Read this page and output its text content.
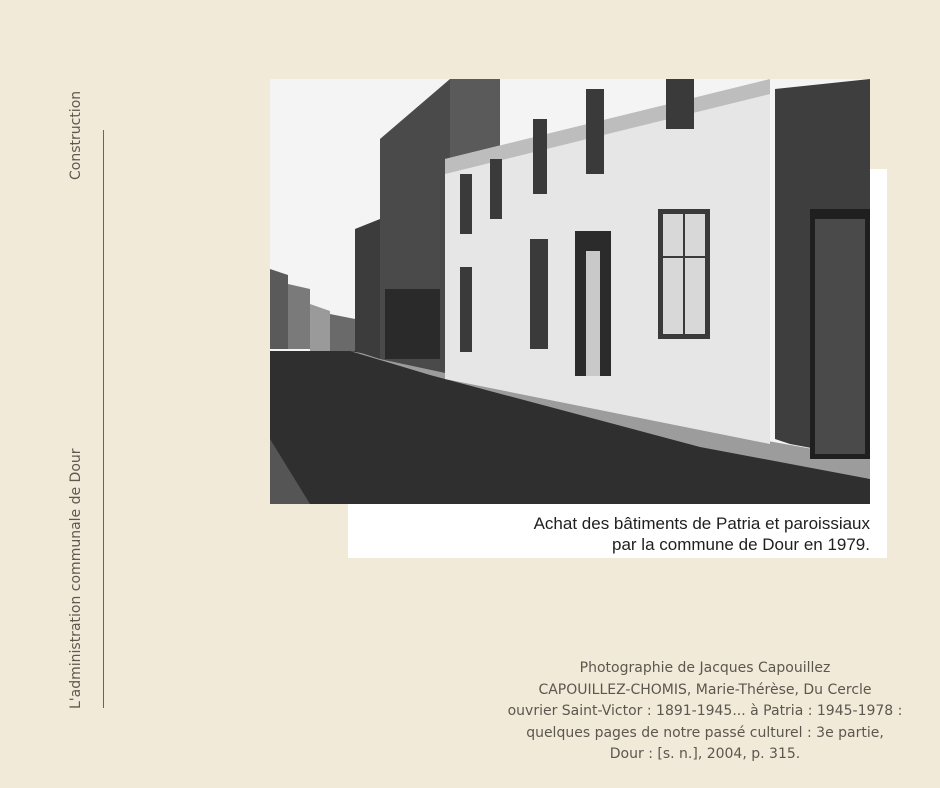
Construction
L'administration communale de Dour	Achat des bâtiments de Patria et paroissiaux
par la commune de Dour en 1979.
Photographie de Jacques Capouillez
CAPOUILLEZ-CHOMIS, Marie-Thérèse, Du Cercle
ouvrier Saint-Victor : 1891-1945... à Patria : 1945-1978 :
quelques pages de notre passé culturel : 3e partie,
Dour : [s. n.], 2004, p. 315.
